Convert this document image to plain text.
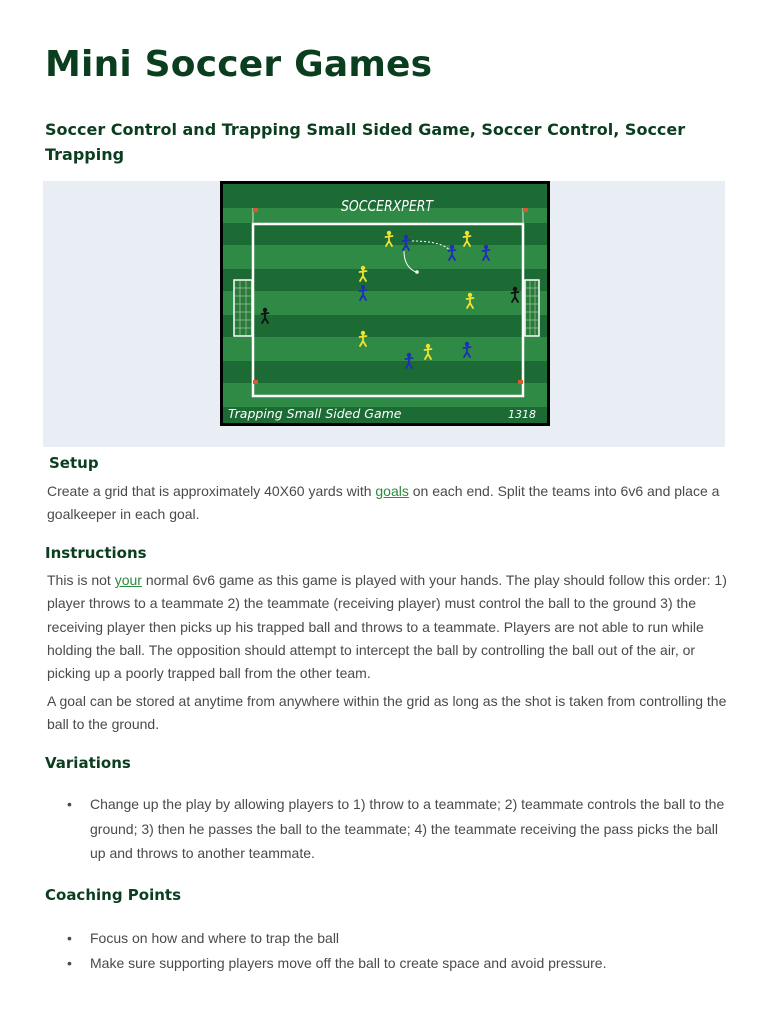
Mini Soccer Games
Soccer Control and Trapping Small Sided Game, Soccer Control, Soccer Trapping
SOCCERXPERT
Trapping Small Sided Game	1318
Setup

Create a grid that is approximately 40X60 yards with goals on each end. Split the teams into 6v6 and place a goalkeeper in each goal.

Instructions

This is not your normal 6v6 game as this game is played with your hands. The play should follow this order: 1) player throws to a teammate 2) the teammate (receiving player) must control the ball to the ground 3) the receiving player then picks up his trapped ball and throws to a teammate. Players are not able to run while holding the ball. The opposition should attempt to intercept the ball by controlling the ball out of the air, or picking up a poorly trapped ball from the other team.

A goal can be stored at anytime from anywhere within the grid as long as the shot is taken from controlling the ball to the ground.

Variations
• Change up the play by allowing players to 1) throw to a teammate; 2) teammate controls the ball to the ground; 3) then he passes the ball to the teammate; 4) the teammate receiving the pass picks the ball up and throws to another teammate.
Coaching Points
• Focus on how and where to trap the ball
• Make sure supporting players move off the ball to create space and avoid pressure.
